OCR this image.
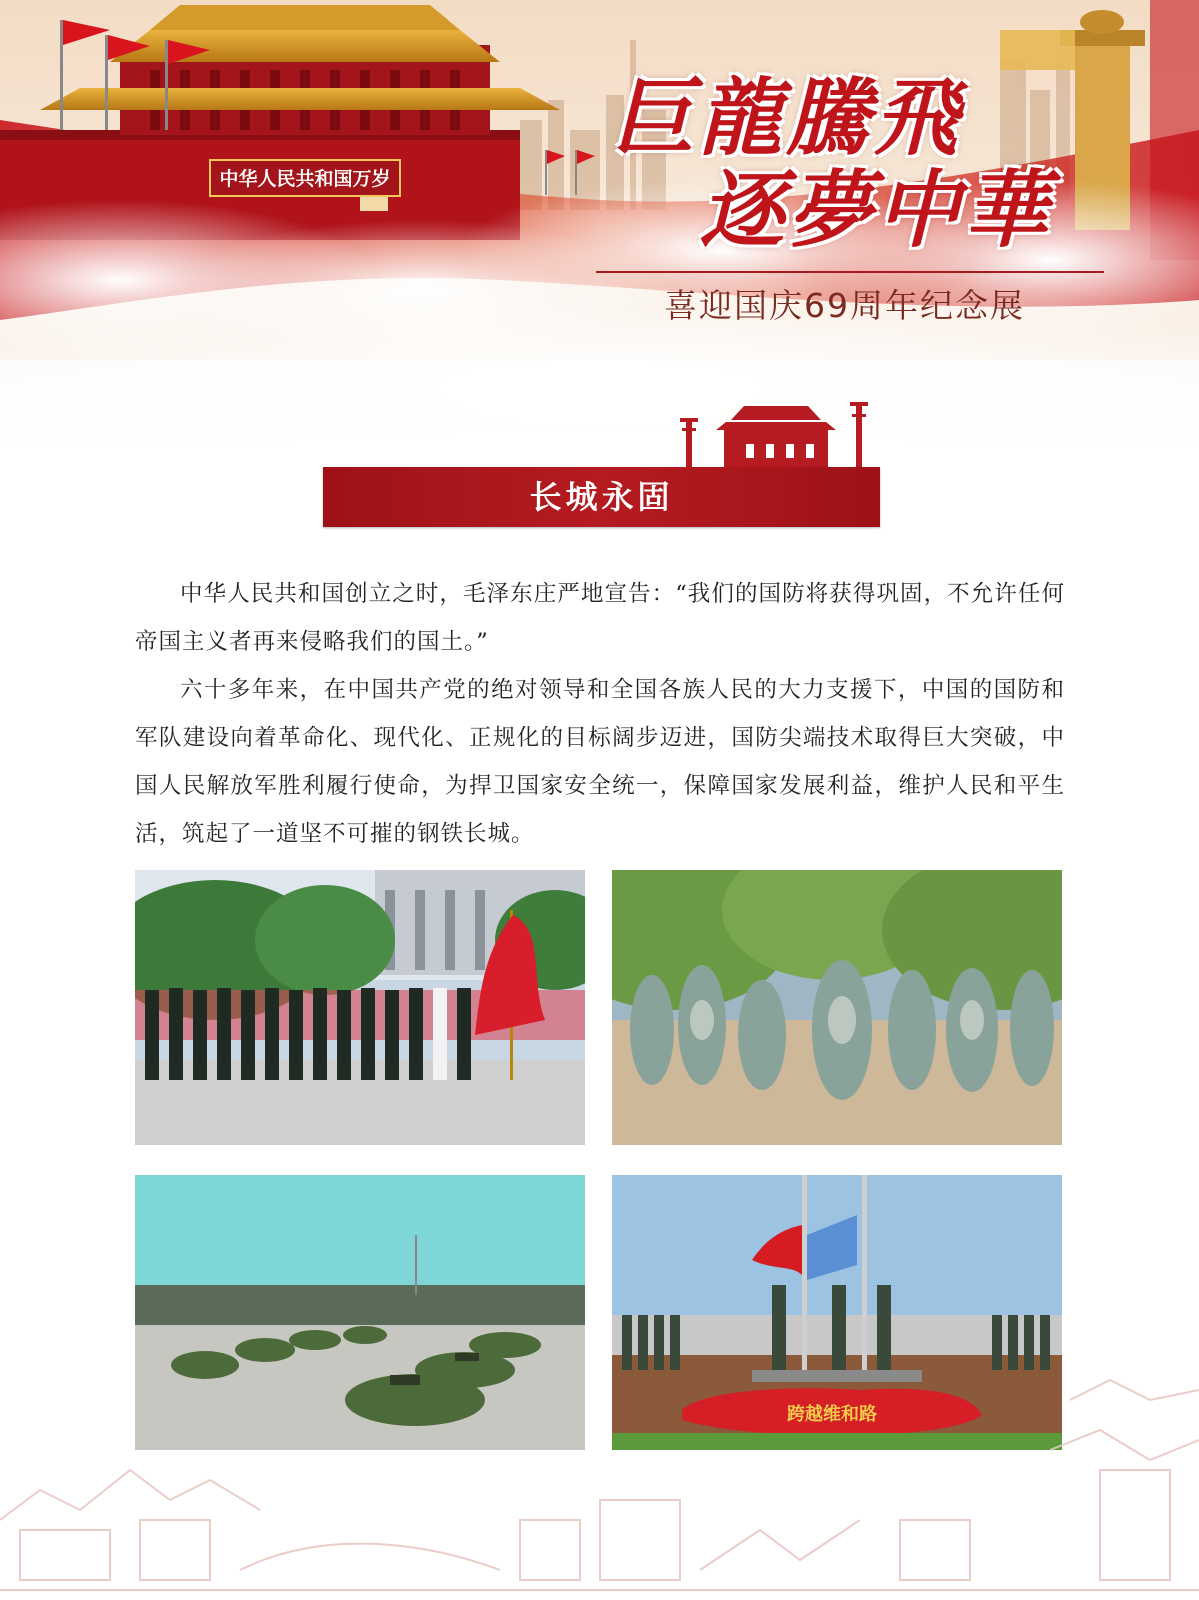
中华人民共和国万岁
巨龍騰飛
逐夢中華
喜迎国庆69周年纪念展
长城永固

中华人民共和国创立之时，毛泽东庄严地宣告：“我们的国防将获得巩固，不允许任何帝国主义者再来侵略我们的国土。”

六十多年来，在中国共产党的绝对领导和全国各族人民的大力支援下，中国的国防和军队建设向着革命化、现代化、正规化的目标阔步迈进，国防尖端技术取得巨大突破，中国人民解放军胜利履行使命，为捍卫国家安全统一，保障国家发展利益，维护人民和平生活，筑起了一道坚不可摧的钢铁长城。

跨越维和路
